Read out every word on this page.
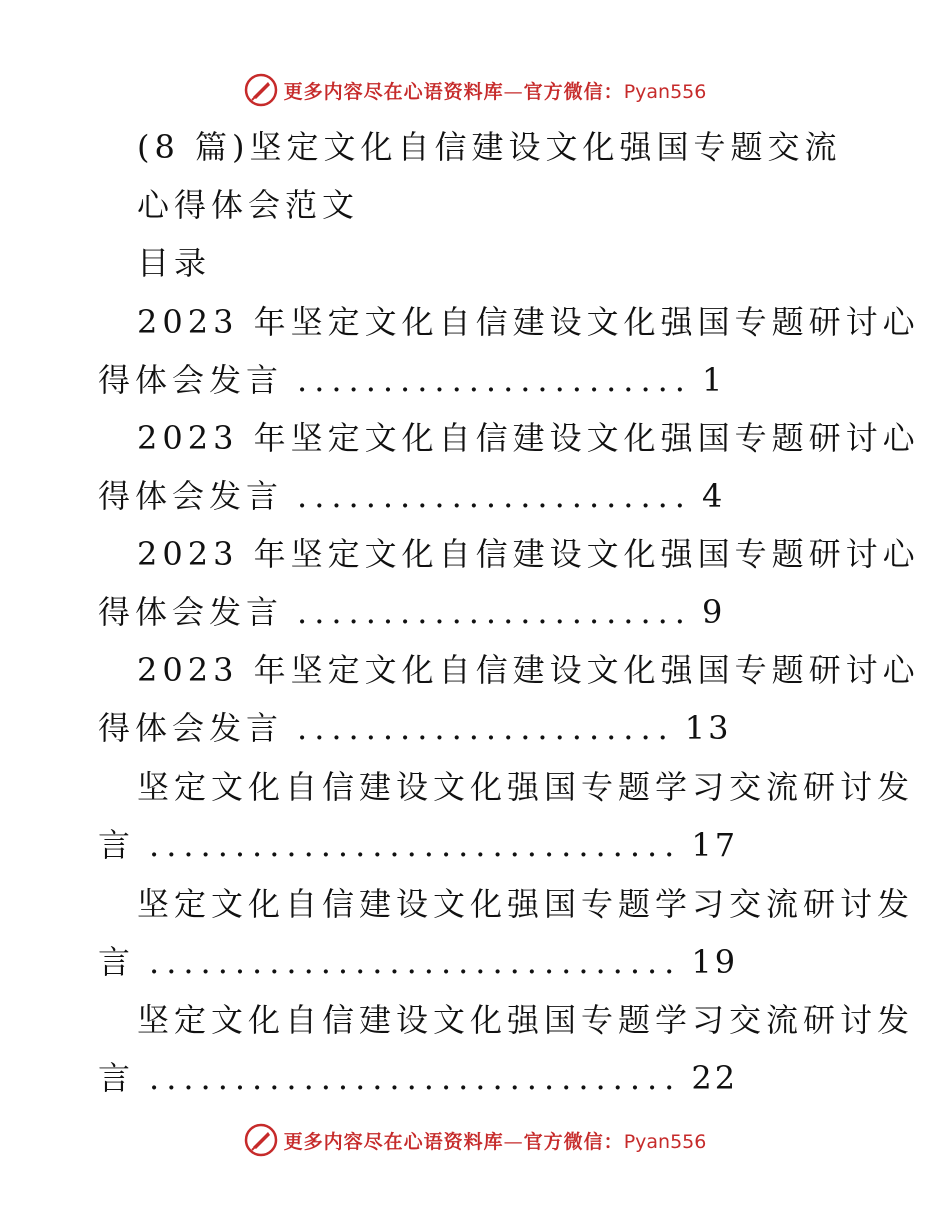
更多内容尽在心语资料库—官方微信：Pyan556
(8 篇)坚定文化自信建设文化强国专题交流
心得体会范文
目录
2023 年坚定文化自信建设文化强国专题研讨心
得体会发言 ....................... 1
2023 年坚定文化自信建设文化强国专题研讨心
得体会发言 ....................... 4
2023 年坚定文化自信建设文化强国专题研讨心
得体会发言 ....................... 9
2023 年坚定文化自信建设文化强国专题研讨心
得体会发言 ...................... 13
坚定文化自信建设文化强国专题学习交流研讨发
言 ............................... 17
坚定文化自信建设文化强国专题学习交流研讨发
言 ............................... 19
坚定文化自信建设文化强国专题学习交流研讨发
言 ............................... 22
更多内容尽在心语资料库—官方微信：Pyan556
